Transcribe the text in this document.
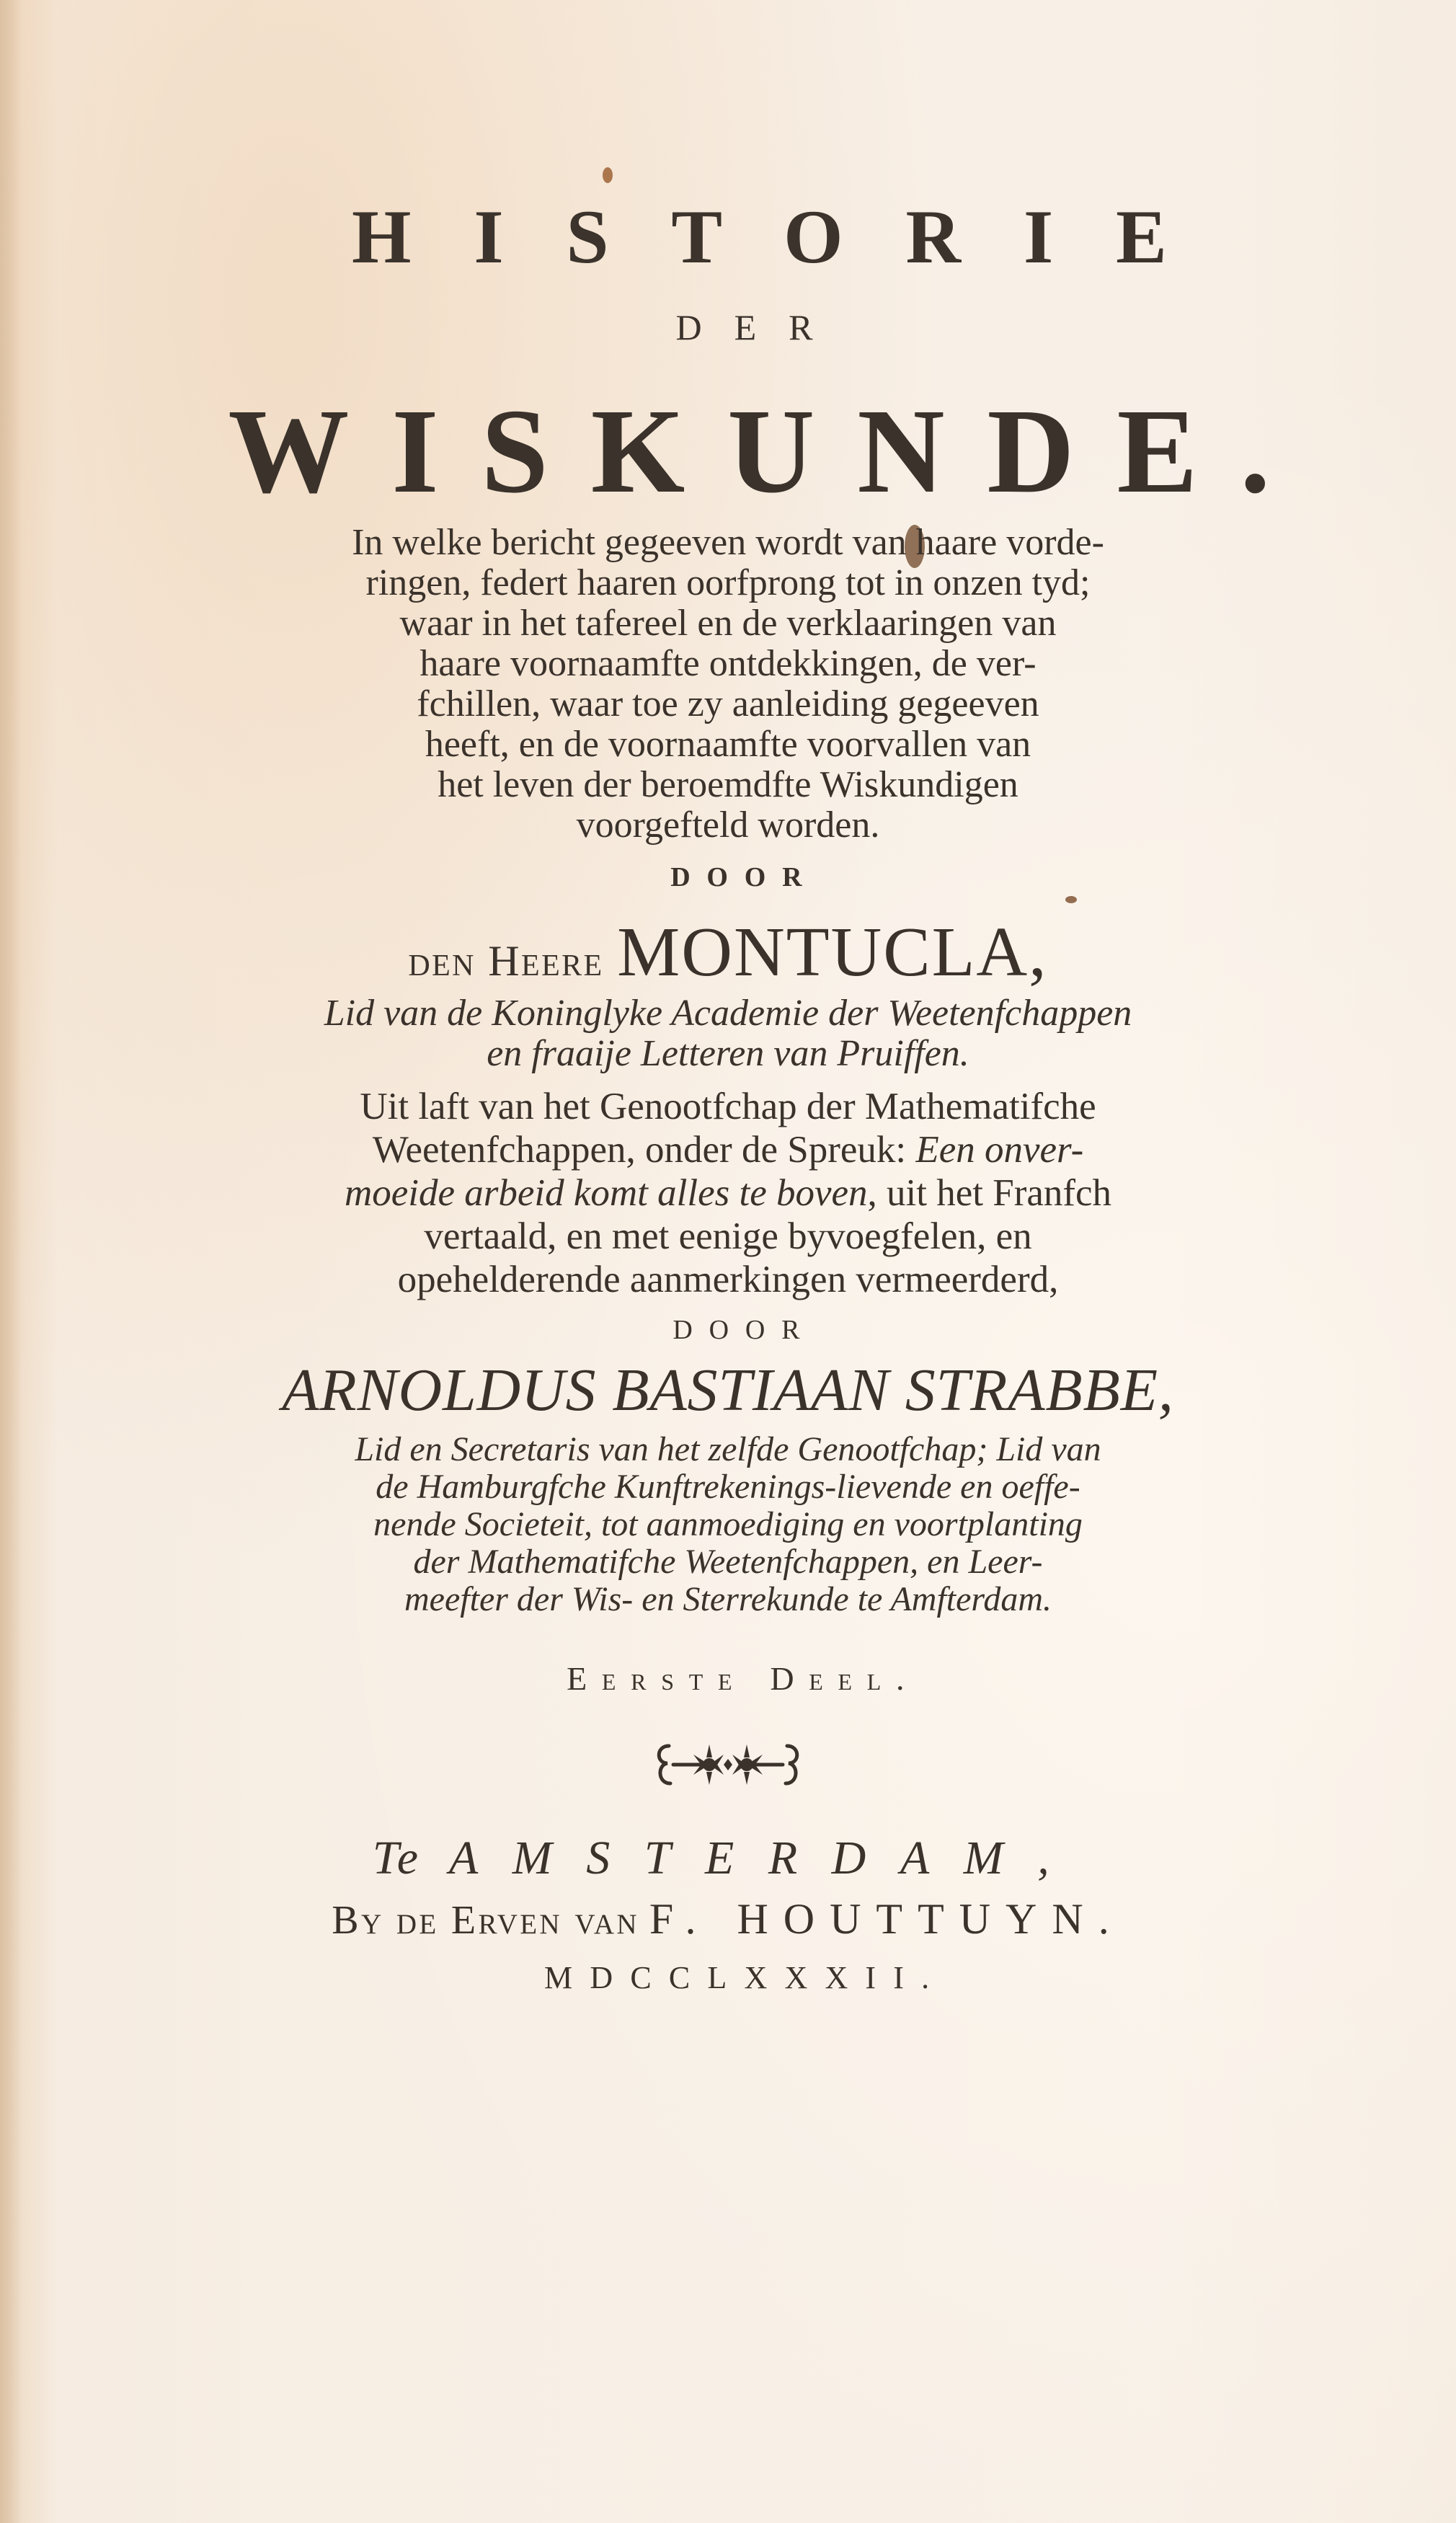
HISTORIE
DER
WISKUNDE.
In welke bericht gegeeven wordt van haare vorde-
ringen, federt haaren oorfprong tot in onzen tyd;
waar in het tafereel en de verklaaringen van
haare voornaamfte ontdekkingen, de ver-
fchillen, waar toe zy aanleiding gegeeven
heeft, en de voornaamfte voorvallen van
het leven der beroemdfte Wiskundigen
voorgefteld worden.
DOOR
den Heere MONTUCLA,
Lid van de Koninglyke Academie der Weetenfchappen
en fraaije Letteren van Pruiffen.
Uit laft van het Genootfchap der Mathematifche
Weetenfchappen, onder de Spreuk: Een onver-
moeide arbeid komt alles te boven, uit het Franfch
vertaald, en met eenige byvoegfelen, en
opehelderende aanmerkingen vermeerderd,
DOOR
ARNOLDUS BASTIAAN STRABBE,
Lid en Secretaris van het zelfde Genootfchap; Lid van
de Hamburgfche Kunftrekenings-lievende en oeffe-
nende Societeit, tot aanmoediging en voortplanting
der Mathematifche Weetenfchappen, en Leer-
meefter der Wis- en Sterrekunde te Amfterdam.
Eerste Deel.
Te AMSTERDAM,
By de Erven van F. HOUTTUYN.
MDCCLXXXII.
